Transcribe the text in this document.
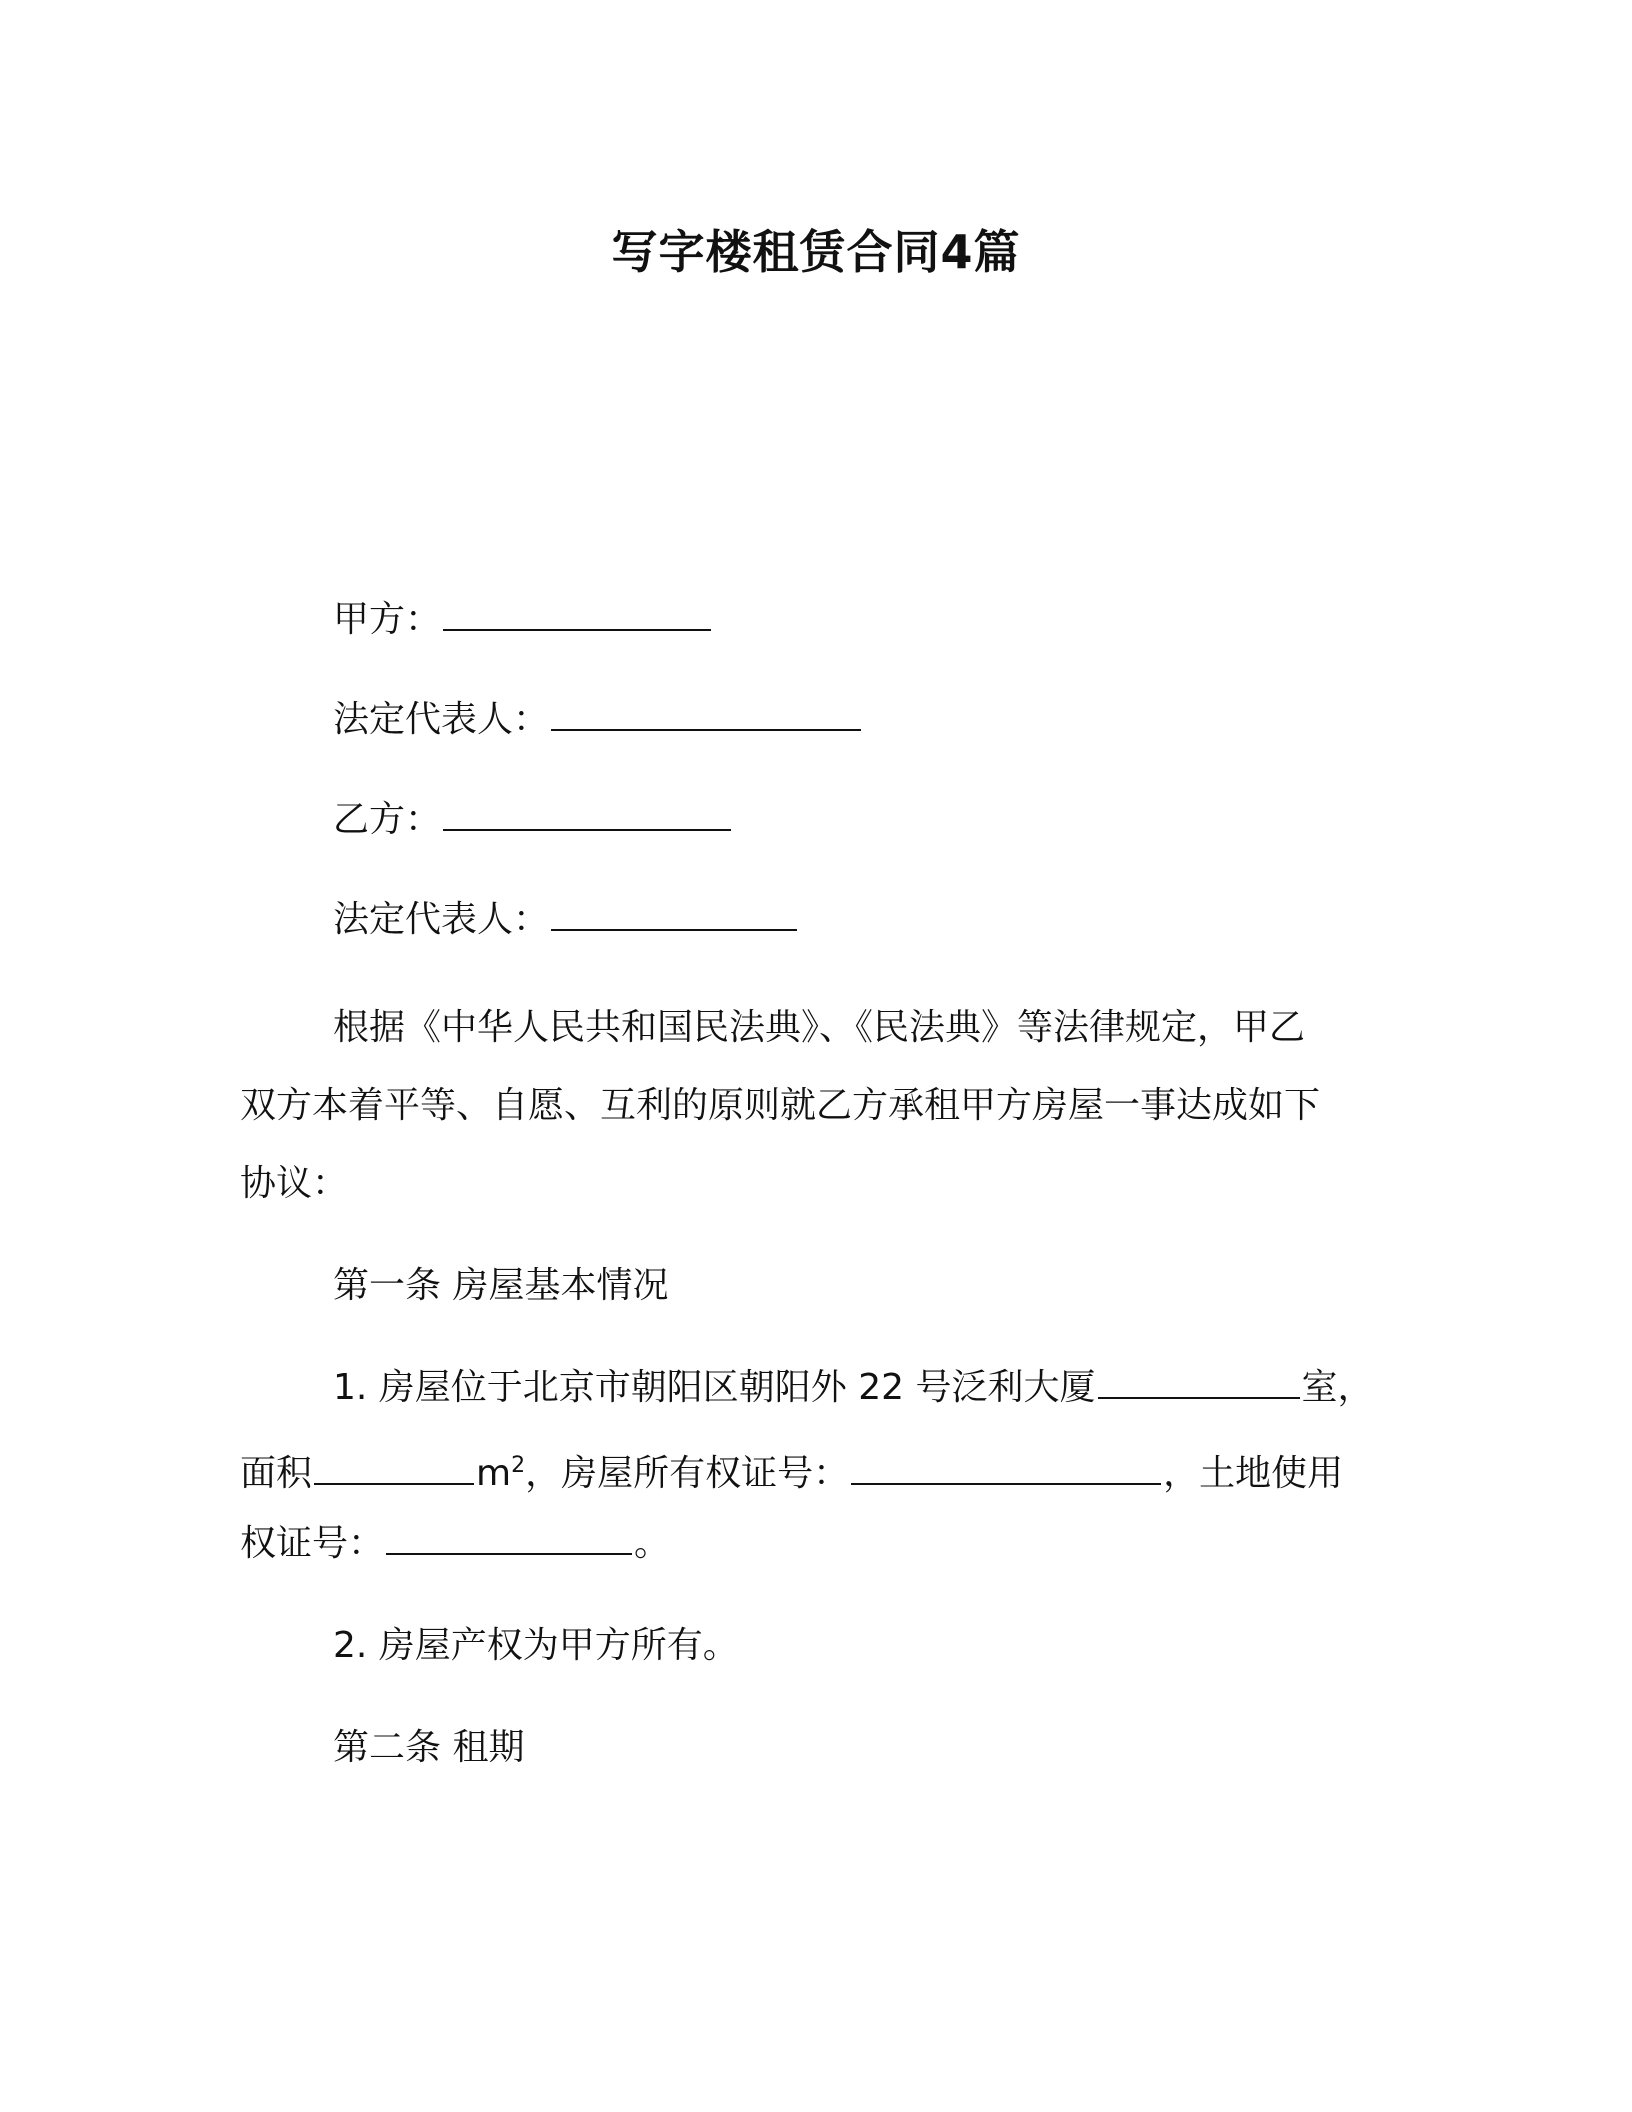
写字楼租赁合同4篇
甲方：
法定代表人：
乙方：
法定代表人：
根据《中华人民共和国民法典》、《民法典》等法律规定，甲乙
双方本着平等、自愿、互利的原则就乙方承租甲方房屋一事达成如下
协议：
第一条 房屋基本情况
1. 房屋位于北京市朝阳区朝阳外 22 号泛利大厦	室，
面积	$m^2$，房屋所有权证号：	，土地使用
权证号：	。
2. 房屋产权为甲方所有。
第二条 租期
